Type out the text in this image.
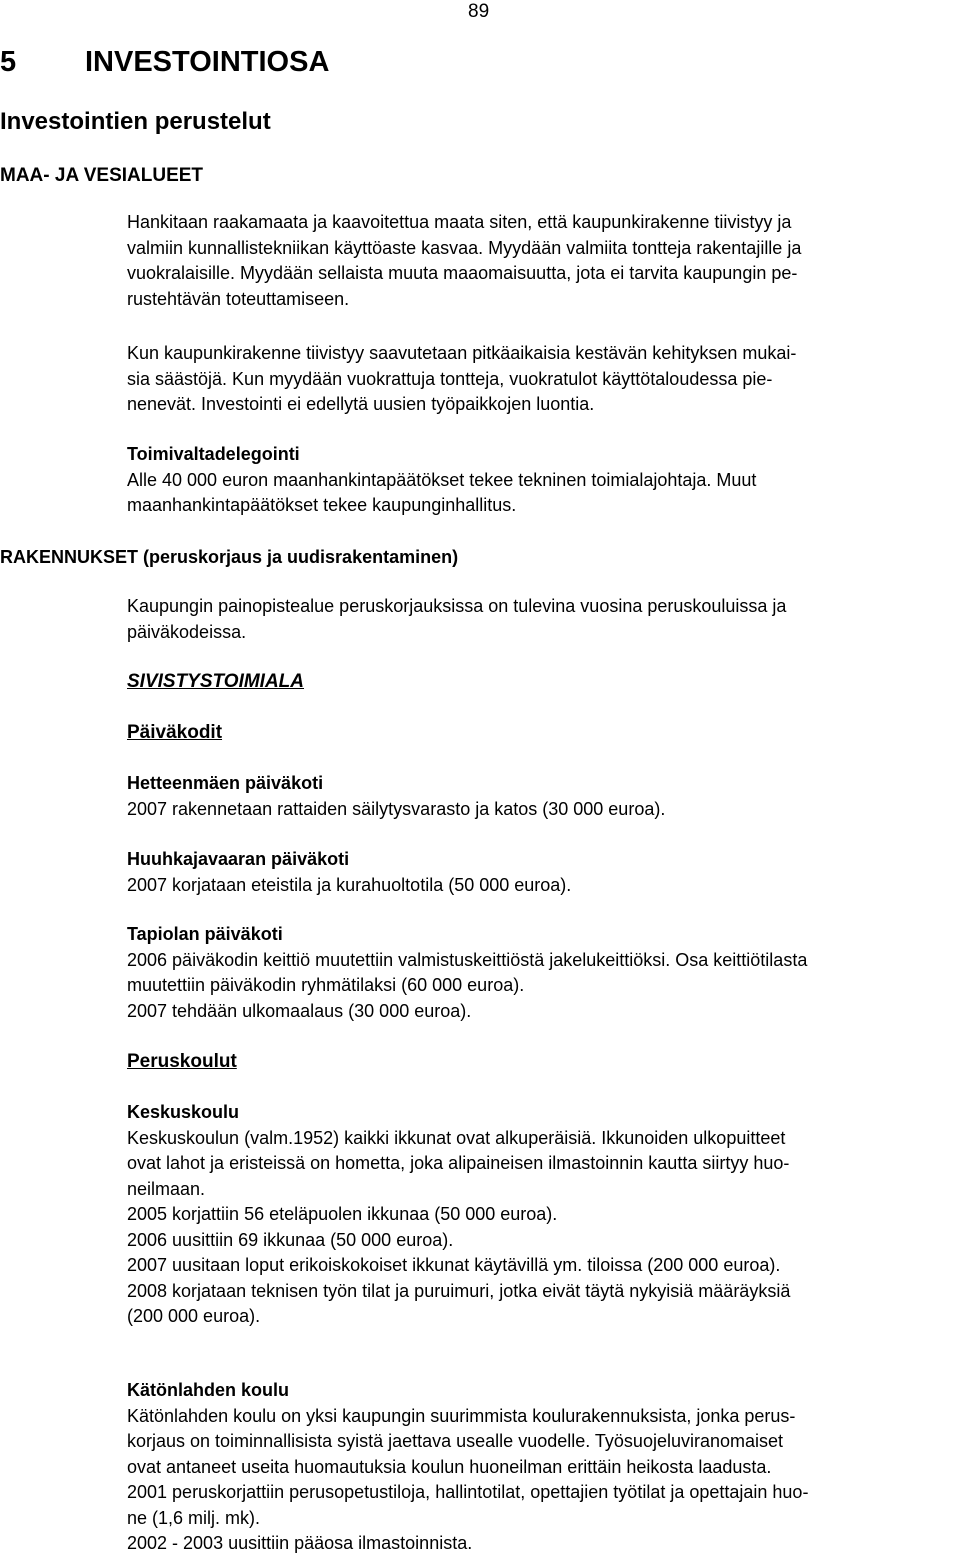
89
5 INVESTOINTIOSA
Investointien perustelut
MAA- JA VESIALUEET
Hankitaan raakamaata ja kaavoitettua maata siten, että kaupunkirakenne tiivistyy ja
valmiin kunnallistekniikan käyttöaste kasvaa. Myydään valmiita tontteja rakentajille ja
vuokralaisille. Myydään sellaista muuta maaomaisuutta, jota ei tarvita kaupungin pe-
rustehtävän toteuttamiseen.
Kun kaupunkirakenne tiivistyy saavutetaan pitkäaikaisia kestävän kehityksen mukai-
sia säästöjä. Kun myydään vuokrattuja tontteja, vuokratulot käyttötaloudessa pie-
nenevät. Investointi ei edellytä uusien työpaikkojen luontia.
Toimivaltadelegointi
Alle 40 000 euron maanhankintapäätökset tekee tekninen toimialajohtaja. Muut
maanhankintapäätökset tekee kaupunginhallitus.
RAKENNUKSET (peruskorjaus ja uudisrakentaminen)
Kaupungin painopistealue peruskorjauksissa on tulevina vuosina peruskouluissa ja
päiväkodeissa.
SIVISTYSTOIMIALA
Päiväkodit
Hetteenmäen päiväkoti
2007 rakennetaan rattaiden säilytysvarasto ja katos (30 000 euroa).
Huuhkajavaaran päiväkoti
2007 korjataan eteistila ja kurahuoltotila (50 000 euroa).
Tapiolan päiväkoti
2006 päiväkodin keittiö muutettiin valmistuskeittiöstä jakelukeittiöksi. Osa keittiötilasta
muutettiin päiväkodin ryhmätilaksi (60 000 euroa).
2007 tehdään ulkomaalaus (30 000 euroa).
Peruskoulut
Keskuskoulu
Keskuskoulun (valm.1952) kaikki ikkunat ovat alkuperäisiä. Ikkunoiden ulkopuitteet
ovat lahot ja eristeissä on hometta, joka alipaineisen ilmastoinnin kautta siirtyy huo-
neilmaan.
2005 korjattiin 56 eteläpuolen ikkunaa (50 000 euroa).
2006 uusittiin 69 ikkunaa (50 000 euroa).
2007 uusitaan loput erikoiskokoiset ikkunat käytävillä ym. tiloissa (200 000 euroa).
2008 korjataan teknisen työn tilat ja puruimuri, jotka eivät täytä nykyisiä määräyksiä
(200 000 euroa).
Kätönlahden koulu
Kätönlahden koulu on yksi kaupungin suurimmista koulurakennuksista, jonka perus-
korjaus on toiminnallisista syistä jaettava usealle vuodelle. Työsuojeluviranomaiset
ovat antaneet useita huomautuksia koulun huoneilman erittäin heikosta laadusta.
2001 peruskorjattiin perusopetustiloja, hallintotilat, opettajien työtilat ja opettajain huo-
ne (1,6 milj. mk).
2002 - 2003 uusittiin pääosa ilmastoinnista.
